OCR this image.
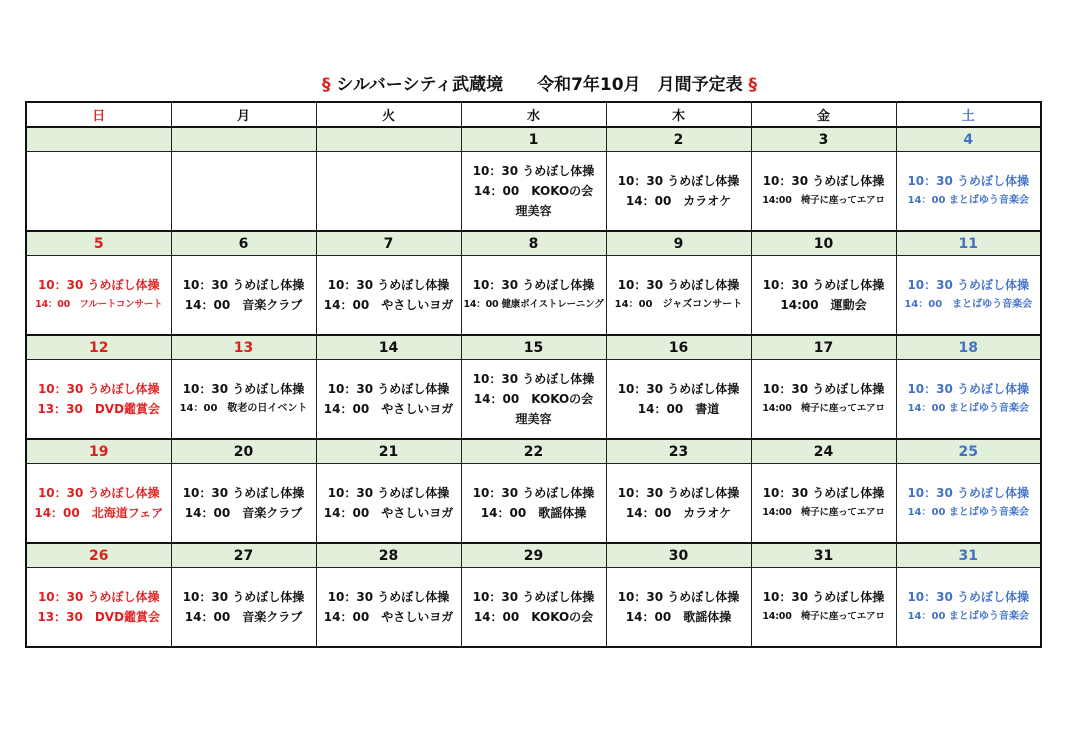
§ シルバーシティ武蔵境　　令和7年10月　月間予定表 §
日	月	火	水	木	金	土
			1	2	3	4

			10：30 うめぼし体操
14：00　KOKOの会
理美容	10：30 うめぼし体操
14：00　カラオケ	10：30 うめぼし体操
14:00　椅子に座ってエアロ	10：30 うめぼし体操
14：00 まとばゆう音楽会

5	6	7	8	9	10	11

10：30 うめぼし体操
14：00　フルートコンサート	10：30 うめぼし体操
14：00　音楽クラブ	10：30 うめぼし体操
14：00　やさしいヨガ	10：30 うめぼし体操
14：00 健康ボイストレーニング	10：30 うめぼし体操
14：00　ジャズコンサート	10：30 うめぼし体操
14:00　運動会	10：30 うめぼし体操
14：00　まとばゆう音楽会

12	13	14	15	16	17	18

10：30 うめぼし体操
13：30　DVD鑑賞会	10：30 うめぼし体操
14：00　敬老の日イベント	10：30 うめぼし体操
14：00　やさしいヨガ	10：30 うめぼし体操
14：00　KOKOの会
理美容	10：30 うめぼし体操
14：00　書道	10：30 うめぼし体操
14:00　椅子に座ってエアロ	10：30 うめぼし体操
14：00 まとばゆう音楽会

19	20	21	22	23	24	25

10：30 うめぼし体操
14：00　北海道フェア	10：30 うめぼし体操
14：00　音楽クラブ	10：30 うめぼし体操
14：00　やさしいヨガ	10：30 うめぼし体操
14：00　歌謡体操	10：30 うめぼし体操
14：00　カラオケ	10：30 うめぼし体操
14:00　椅子に座ってエアロ	10：30 うめぼし体操
14：00 まとばゆう音楽会

26	27	28	29	30	31	31

10：30 うめぼし体操
13：30　DVD鑑賞会	10：30 うめぼし体操
14：00　音楽クラブ	10：30 うめぼし体操
14：00　やさしいヨガ	10：30 うめぼし体操
14：00　KOKOの会	10：30 うめぼし体操
14：00　歌謡体操	10：30 うめぼし体操
14:00　椅子に座ってエアロ	10：30 うめぼし体操
14：00 まとばゆう音楽会
